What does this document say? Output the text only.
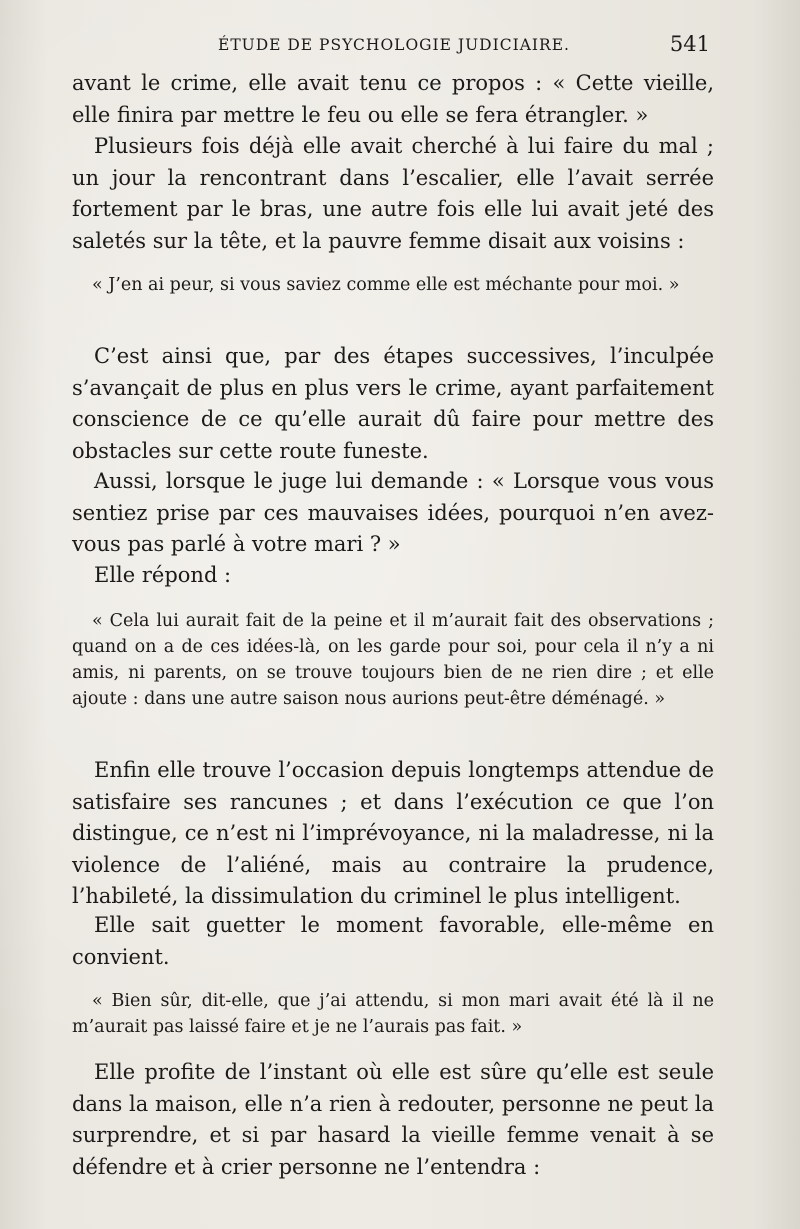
ÉTUDE DE PSYCHOLOGIE JUDICIAIRE.	541

avant le crime, elle avait tenu ce propos : « Cette vieille, elle finira par mettre le feu ou elle se fera étrangler. »

Plusieurs fois déjà elle avait cherché à lui faire du mal ; un jour la rencontrant dans l’escalier, elle l’avait serrée fortement par le bras, une autre fois elle lui avait jeté des saletés sur la tête, et la pauvre femme disait aux voisins :

« J’en ai peur, si vous saviez comme elle est méchante pour moi. »

C’est ainsi que, par des étapes successives, l’inculpée s’avançait de plus en plus vers le crime, ayant parfaitement conscience de ce qu’elle aurait dû faire pour mettre des obstacles sur cette route funeste.

Aussi, lorsque le juge lui demande : « Lorsque vous vous sentiez prise par ces mauvaises idées, pourquoi n’en avez-vous pas parlé à votre mari ? »

Elle répond :

« Cela lui aurait fait de la peine et il m’aurait fait des observations ; quand on a de ces idées-là, on les garde pour soi, pour cela il n’y a ni amis, ni parents, on se trouve toujours bien de ne rien dire ; et elle ajoute : dans une autre saison nous aurions peut-être déménagé. »

Enfin elle trouve l’occasion depuis longtemps attendue de satisfaire ses rancunes ; et dans l’exécution ce que l’on distingue, ce n’est ni l’imprévoyance, ni la maladresse, ni la violence de l’aliéné, mais au contraire la prudence, l’habileté, la dissimulation du criminel le plus intelligent.

Elle sait guetter le moment favorable, elle-même en convient.

« Bien sûr, dit-elle, que j’ai attendu, si mon mari avait été là il ne m’aurait pas laissé faire et je ne l’aurais pas fait. »

Elle profite de l’instant où elle est sûre qu’elle est seule dans la maison, elle n’a rien à redouter, personne ne peut la surprendre, et si par hasard la vieille femme venait à se défendre et à crier personne ne l’entendra :
